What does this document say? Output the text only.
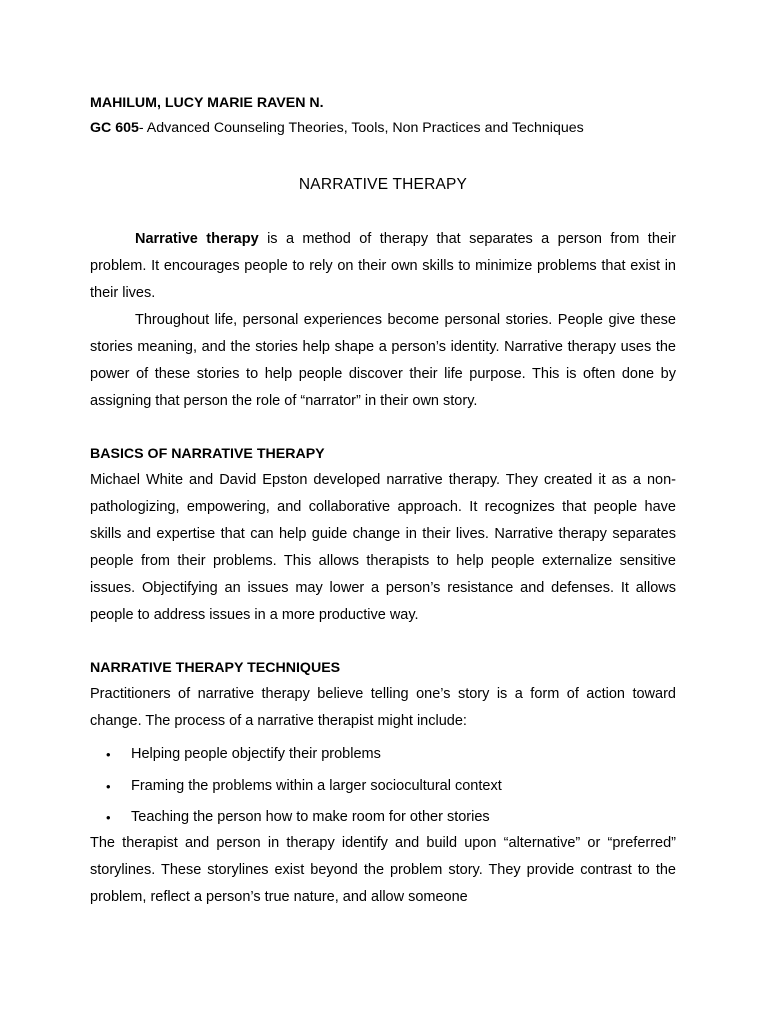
MAHILUM, LUCY MARIE RAVEN N.
GC 605- Advanced Counseling Theories, Tools, Non Practices and Techniques
NARRATIVE THERAPY
Narrative therapy is a method of therapy that separates a person from their problem. It encourages people to rely on their own skills to minimize problems that exist in their lives.
Throughout life, personal experiences become personal stories. People give these stories meaning, and the stories help shape a person’s identity. Narrative therapy uses the power of these stories to help people discover their life purpose. This is often done by assigning that person the role of “narrator” in their own story.
BASICS OF NARRATIVE THERAPY
Michael White and David Epston developed narrative therapy. They created it as a non-pathologizing, empowering, and collaborative approach. It recognizes that people have skills and expertise that can help guide change in their lives. Narrative therapy separates people from their problems. This allows therapists to help people externalize sensitive issues. Objectifying an issues may lower a person’s resistance and defenses. It allows people to address issues in a more productive way.
NARRATIVE THERAPY TECHNIQUES
Practitioners of narrative therapy believe telling one’s story is a form of action toward change. The process of a narrative therapist might include:
• Helping people objectify their problems
• Framing the problems within a larger sociocultural context
• Teaching the person how to make room for other stories
The therapist and person in therapy identify and build upon “alternative” or “preferred” storylines. These storylines exist beyond the problem story. They provide contrast to the problem, reflect a person’s true nature, and allow someone
